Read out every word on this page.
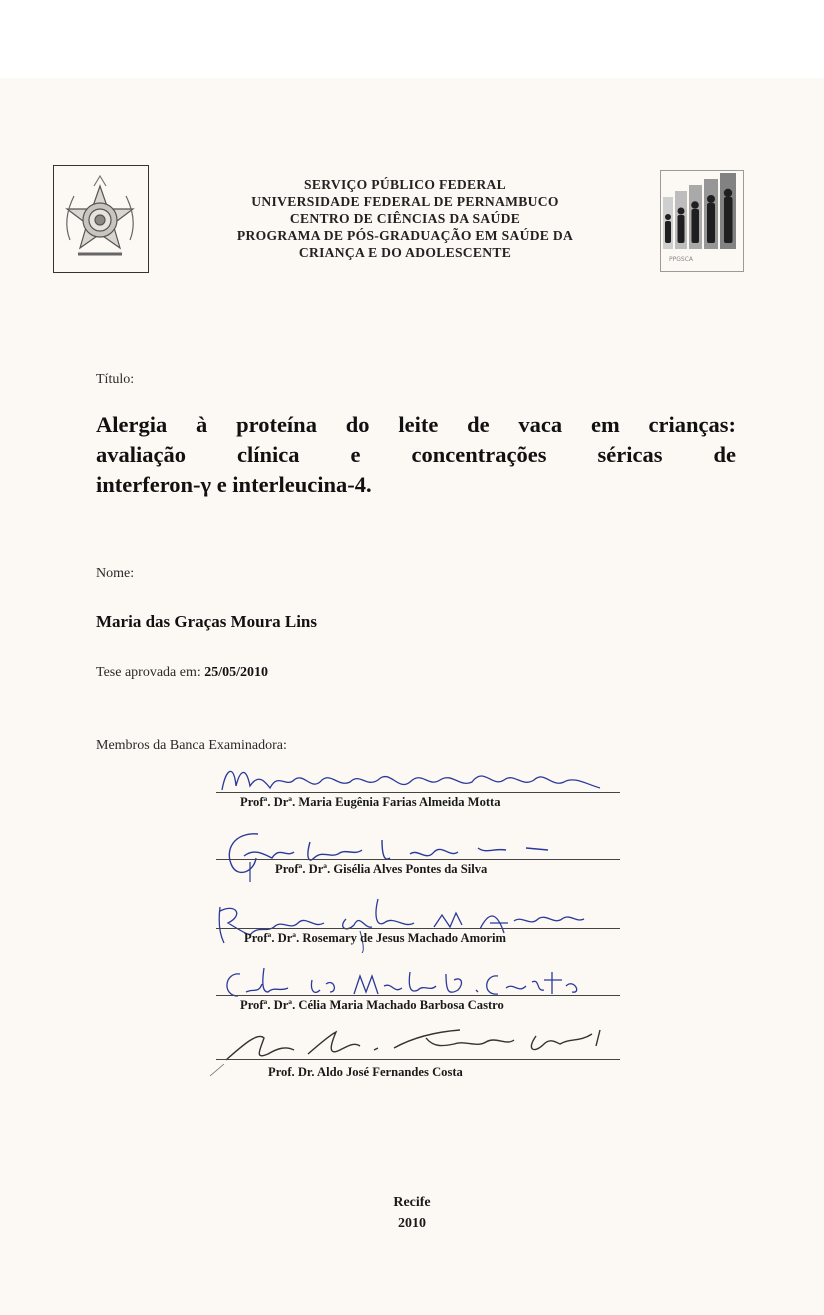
SERVIÇO PÚBLICO FEDERAL
UNIVERSIDADE FEDERAL DE PERNAMBUCO
CENTRO DE CIÊNCIAS DA SAÚDE
PROGRAMA DE PÓS-GRADUAÇÃO EM SAÚDE DA
CRIANÇA E DO ADOLESCENTE	PPGSCA
Título:
Alergia à proteína do leite de vaca em crianças:
avaliação clínica e concentrações séricas de
interferon-γ e interleucina-4.
Nome:
Maria das Graças Moura Lins
Tese aprovada em: 25/05/2010
Membros da Banca Examinadora:
Profª. Drª. Maria Eugênia Farias Almeida Motta
Profª. Drª. Gisélia Alves Pontes da Silva
Profª. Drª. Rosemary de Jesus Machado Amorim
Profª. Drª. Célia Maria Machado Barbosa Castro
Prof. Dr. Aldo José Fernandes Costa
Recife
2010
